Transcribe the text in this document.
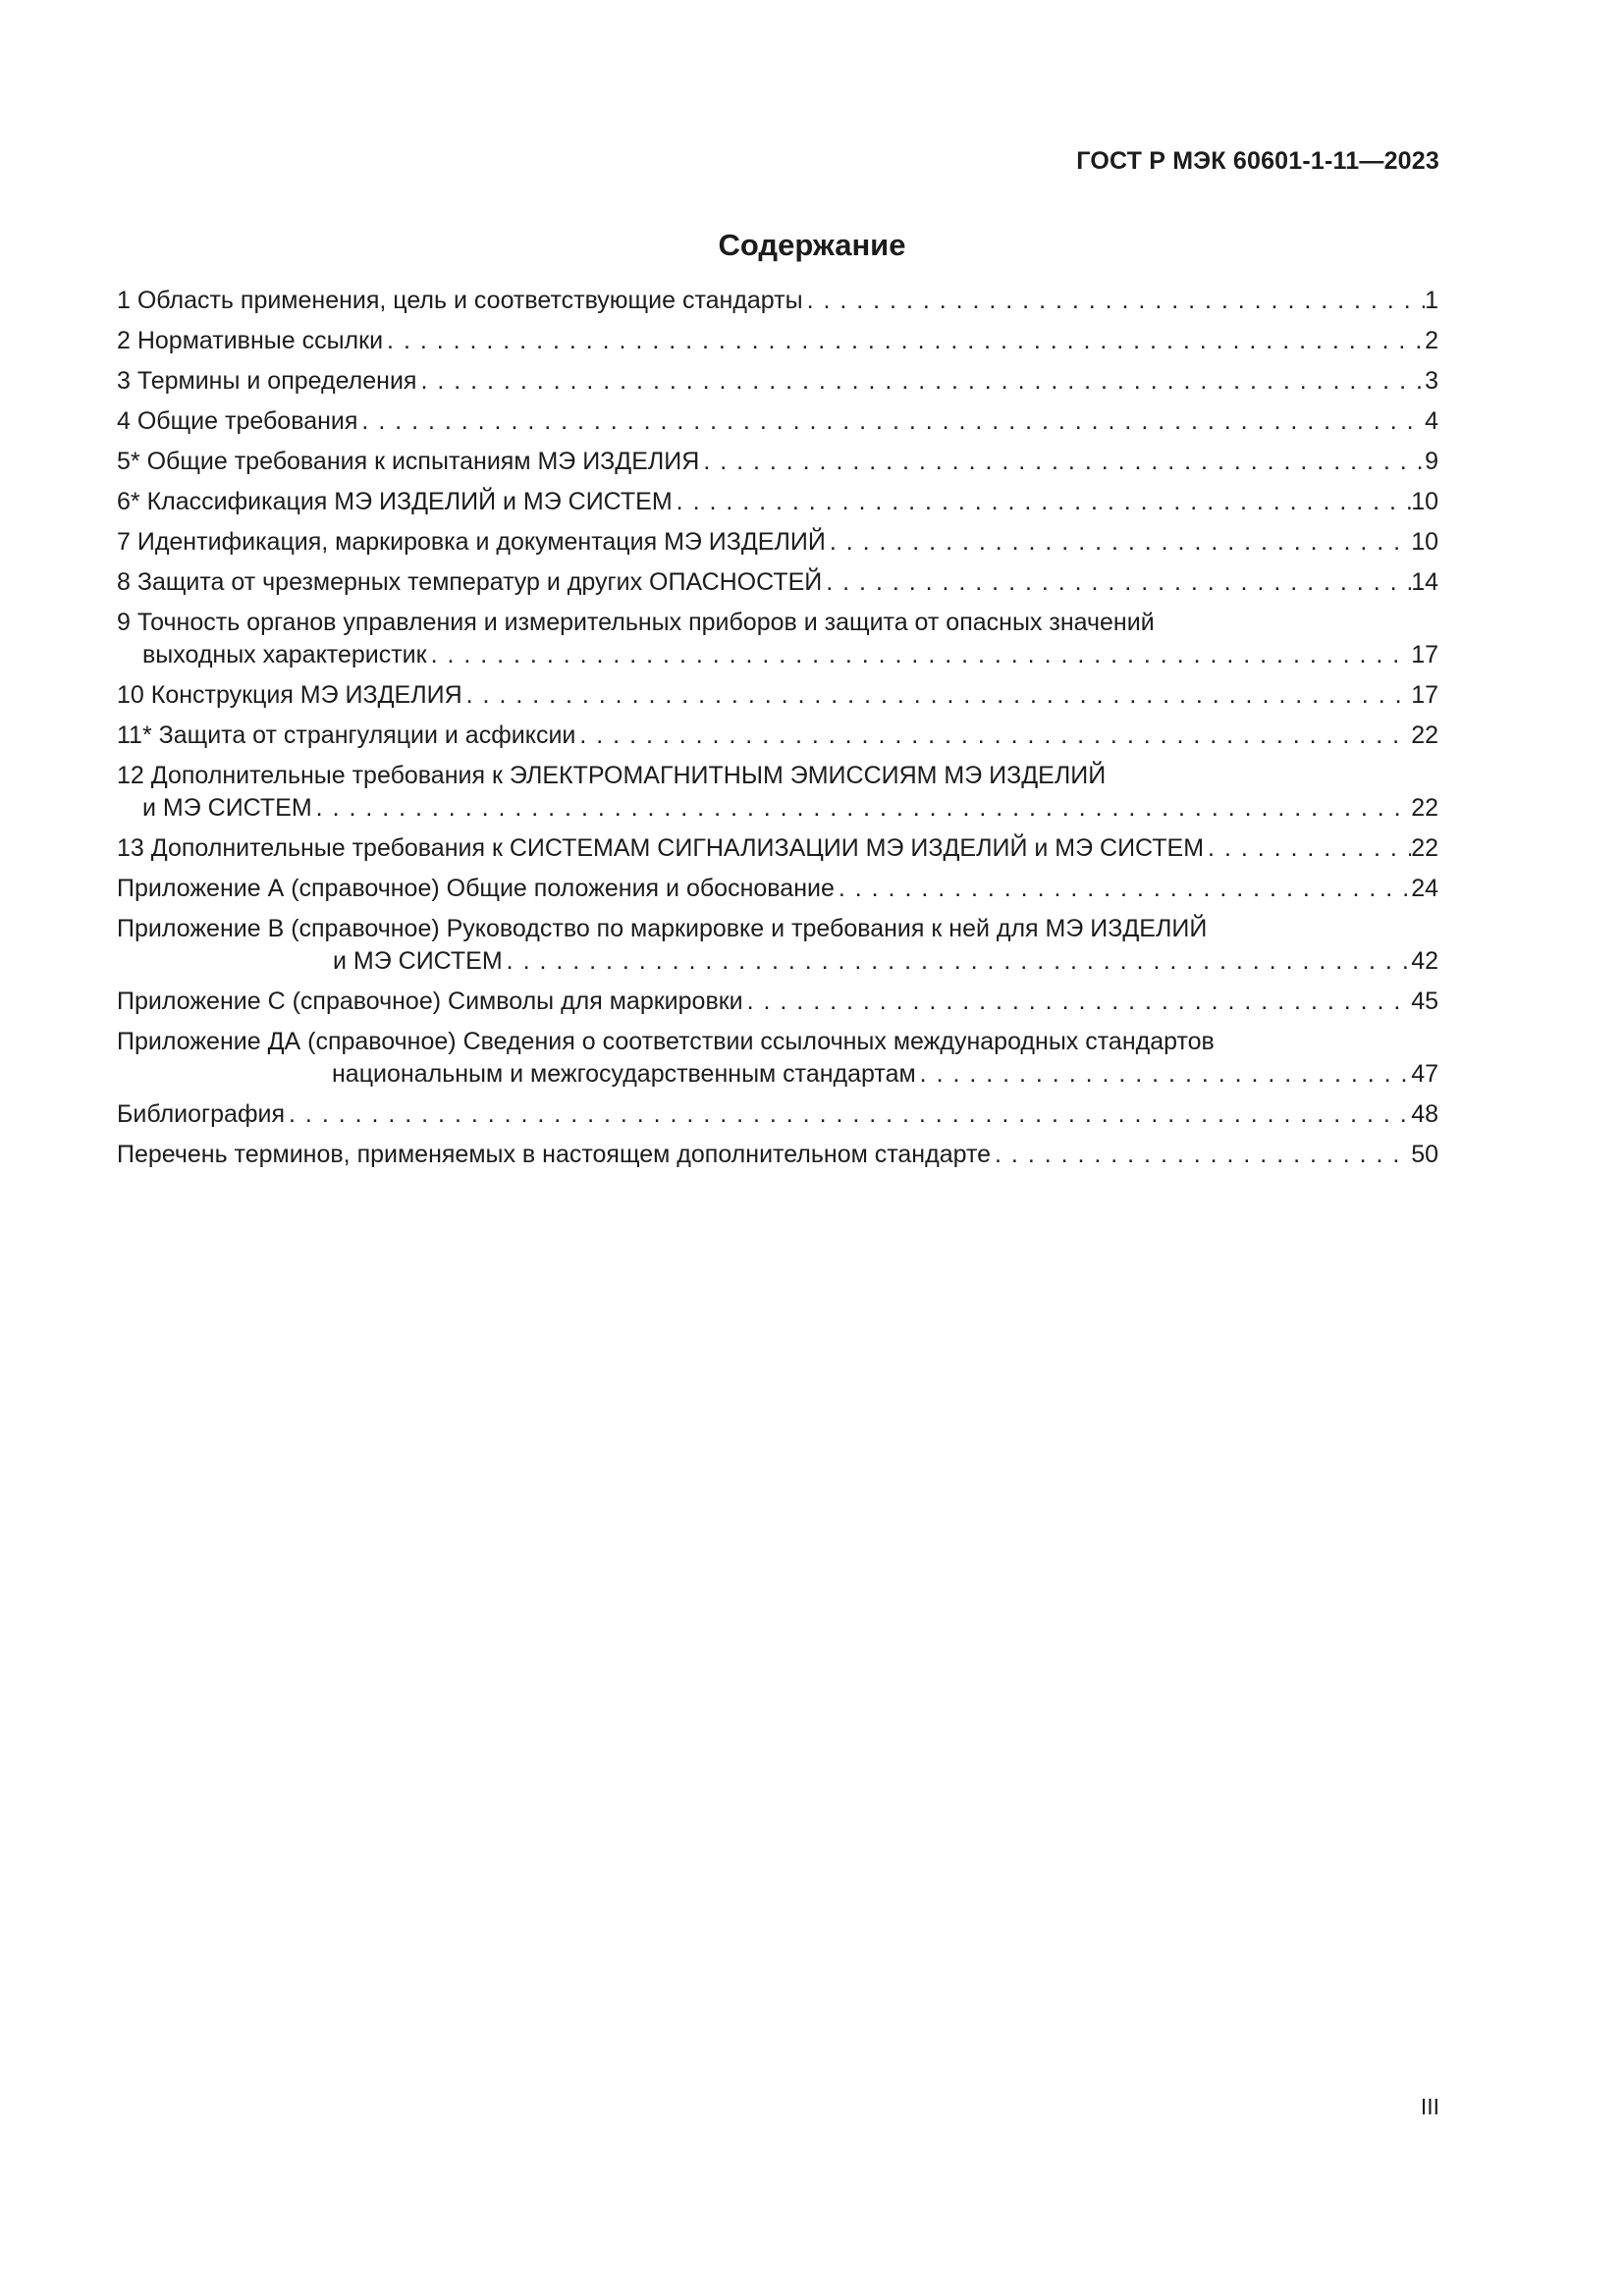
ГОСТ Р МЭК 60601-1-11—2023
Содержание
1 Область применения, цель и соответствующие стандарты . . .	1
2 Нормативные ссылки . . .	2
3 Термины и определения . . .	3
4 Общие требования . . .	4
5* Общие требования к испытаниям МЭ ИЗДЕЛИЯ . . .	9
6* Классификация МЭ ИЗДЕЛИЙ и МЭ СИСТЕМ . . .	10
7 Идентификация, маркировка и документация МЭ ИЗДЕЛИЙ . . .	10
8 Защита от чрезмерных температур и других ОПАСНОСТЕЙ . . .	14
9 Точность органов управления и измерительных приборов и защита от опасных значений
выходных характеристик . . .	17
10 Конструкция МЭ ИЗДЕЛИЯ . . .	17
11* Защита от странгуляции и асфиксии . . .	22
12 Дополнительные требования к ЭЛЕКТРОМАГНИТНЫМ ЭМИССИЯМ МЭ ИЗДЕЛИЙ
и МЭ СИСТЕМ . . .	22
13 Дополнительные требования к СИСТЕМАМ СИГНАЛИЗАЦИИ МЭ ИЗДЕЛИЙ и МЭ СИСТЕМ . . .	22
Приложение А (справочное) Общие положения и обоснование . . .	24
Приложение В (справочное) Руководство по маркировке и требования к ней для МЭ ИЗДЕЛИЙ
и МЭ СИСТЕМ . . .	42
Приложение С (справочное) Символы для маркировки . . .	45
Приложение ДА (справочное) Сведения о соответствии ссылочных международных стандартов
национальным и межгосударственным стандартам . . .	47
Библиография . . .	48
Перечень терминов, применяемых в настоящем дополнительном стандарте . . .	50
III
